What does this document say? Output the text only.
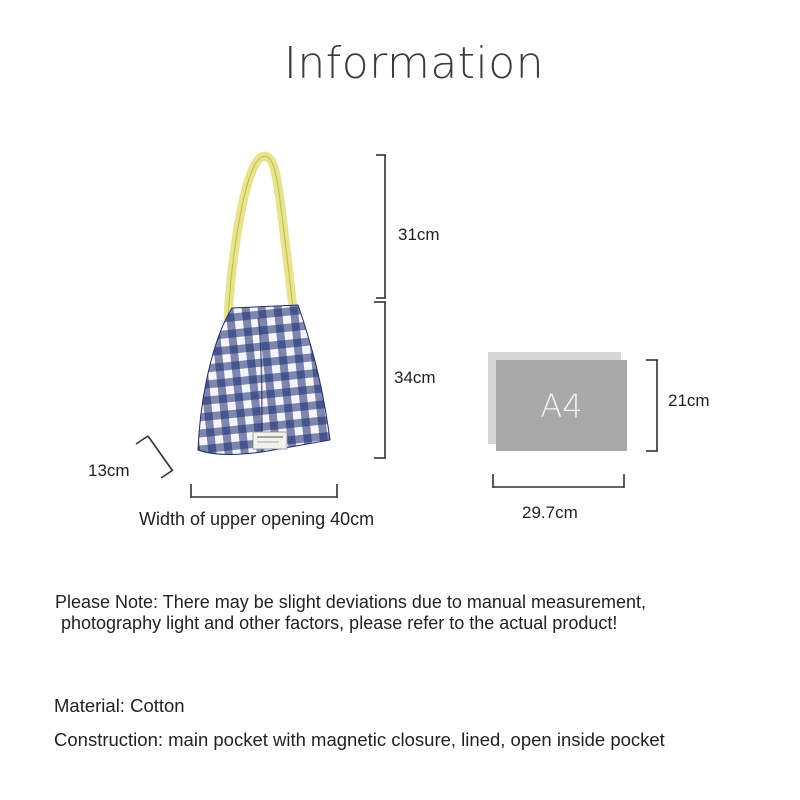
Information
A4
31cm
34cm
13cm
Width of upper opening 40cm
21cm
29.7cm
Please Note: There may be slight deviations due to manual measurement,
photography light and other factors, please refer to the actual product!
Material: Cotton
Construction: main pocket with magnetic closure, lined, open inside pocket
